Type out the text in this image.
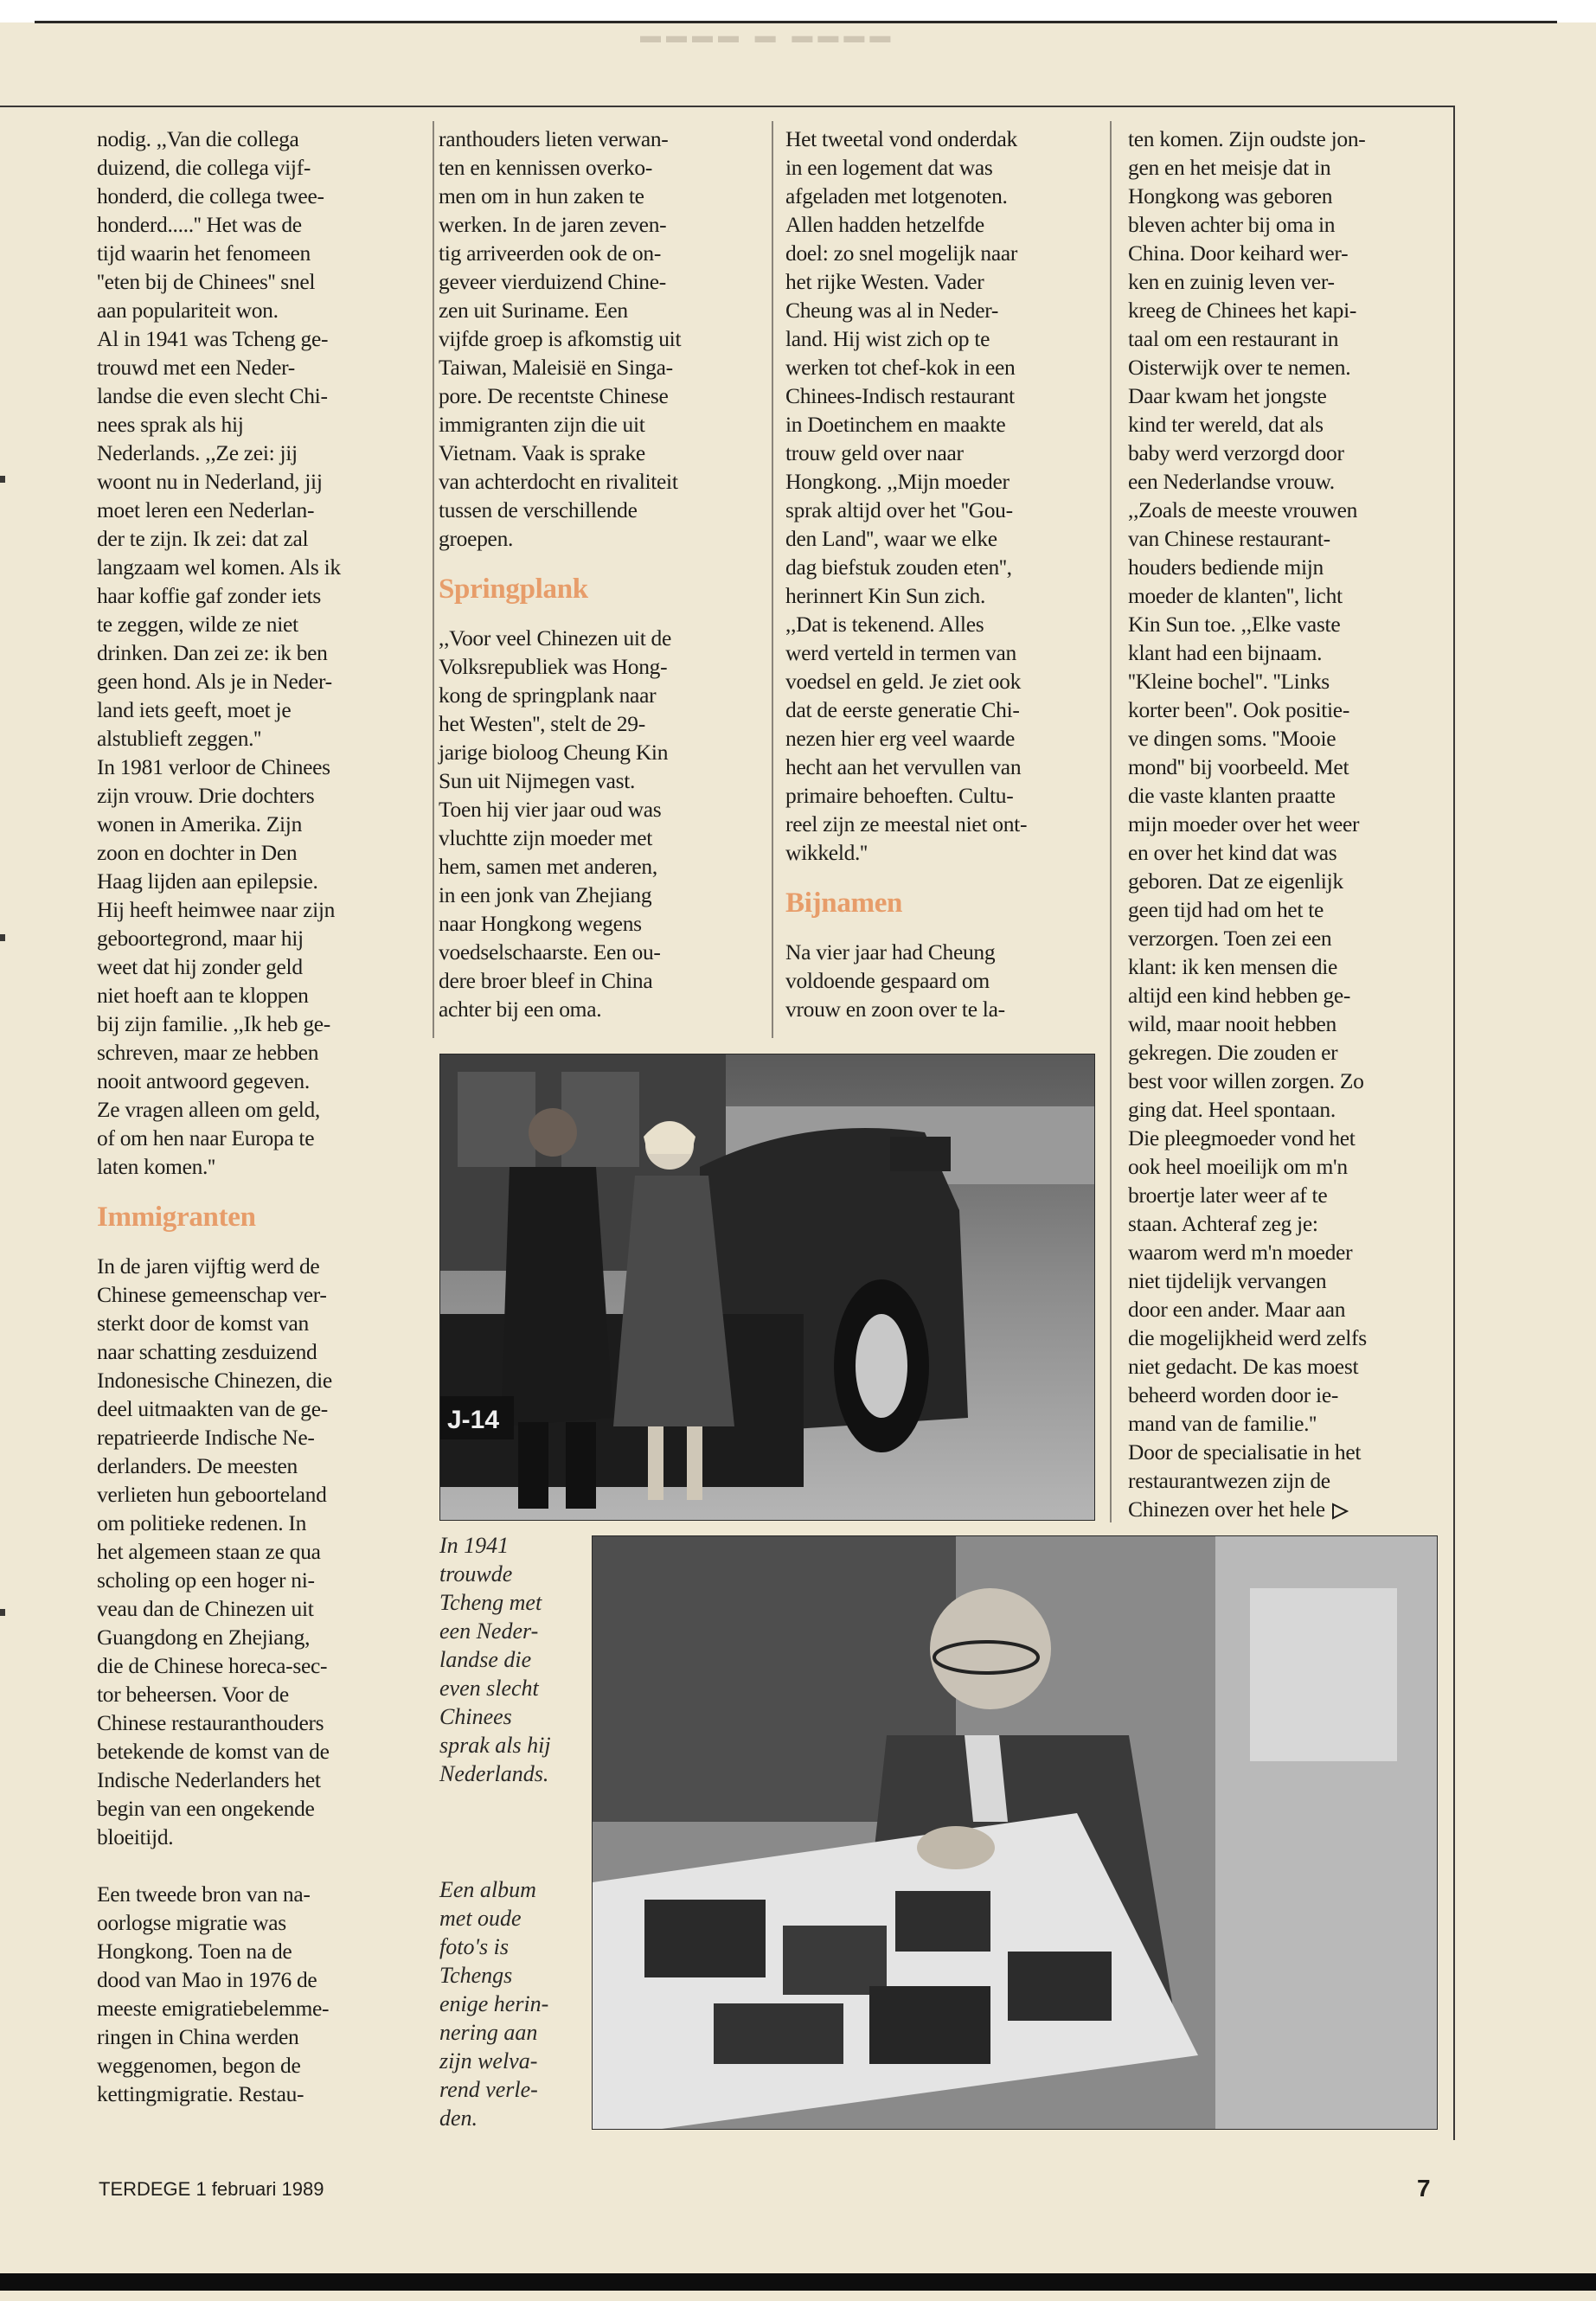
▬▬▬▬ ▬ ▬▬▬▬

nodig. ,,Van die collega
duizend, die collega vijf-
honderd, die collega twee-
honderd.....'' Het was de
tijd waarin het fenomeen
''eten bij de Chinees'' snel
aan populariteit won.

Al in 1941 was Tcheng ge-
trouwd met een Neder-
landse die even slecht Chi-
nees sprak als hij
Nederlands. ,,Ze zei: jij
woont nu in Nederland, jij
moet leren een Nederlan-
der te zijn. Ik zei: dat zal
langzaam wel komen. Als ik
haar koffie gaf zonder iets
te zeggen, wilde ze niet
drinken. Dan zei ze: ik ben
geen hond. Als je in Neder-
land iets geeft, moet je
alstublieft zeggen.''

In 1981 verloor de Chinees
zijn vrouw. Drie dochters
wonen in Amerika. Zijn
zoon en dochter in Den
Haag lijden aan epilepsie.
Hij heeft heimwee naar zijn
geboortegrond, maar hij
weet dat hij zonder geld
niet hoeft aan te kloppen
bij zijn familie. ,,Ik heb ge-
schreven, maar ze hebben
nooit antwoord gegeven.
Ze vragen alleen om geld,
of om hen naar Europa te
laten komen.''

Immigranten

In de jaren vijftig werd de
Chinese gemeenschap ver-
sterkt door de komst van
naar schatting zesduizend
Indonesische Chinezen, die
deel uitmaakten van de ge-
repatrieerde Indische Ne-
derlanders. De meesten
verlieten hun geboorteland
om politieke redenen. In
het algemeen staan ze qua
scholing op een hoger ni-
veau dan de Chinezen uit
Guangdong en Zhejiang,
die de Chinese horeca-sec-
tor beheersen. Voor de
Chinese restauranthouders
betekende de komst van de
Indische Nederlanders het
begin van een ongekende
bloeitijd.

Een tweede bron van na-
oorlogse migratie was
Hongkong. Toen na de
dood van Mao in 1976 de
meeste emigratiebelemme-
ringen in China werden
weggenomen, begon de
kettingmigratie. Restau-

ranthouders lieten verwan-
ten en kennissen overko-
men om in hun zaken te
werken. In de jaren zeven-
tig arriveerden ook de on-
geveer vierduizend Chine-
zen uit Suriname. Een
vijfde groep is afkomstig uit
Taiwan, Maleisië en Singa-
pore. De recentste Chinese
immigranten zijn die uit
Vietnam. Vaak is sprake
van achterdocht en rivaliteit
tussen de verschillende
groepen.

Springplank

,,Voor veel Chinezen uit de
Volksrepubliek was Hong-
kong de springplank naar
het Westen'', stelt de 29-
jarige bioloog Cheung Kin
Sun uit Nijmegen vast.
Toen hij vier jaar oud was
vluchtte zijn moeder met
hem, samen met anderen,
in een jonk van Zhejiang
naar Hongkong wegens
voedselschaarste. Een ou-
dere broer bleef in China
achter bij een oma.

Het tweetal vond onderdak
in een logement dat was
afgeladen met lotgenoten.
Allen hadden hetzelfde
doel: zo snel mogelijk naar
het rijke Westen. Vader
Cheung was al in Neder-
land. Hij wist zich op te
werken tot chef-kok in een
Chinees-Indisch restaurant
in Doetinchem en maakte
trouw geld over naar
Hongkong. ,,Mijn moeder
sprak altijd over het ''Gou-
den Land'', waar we elke
dag biefstuk zouden eten'',
herinnert Kin Sun zich.
,,Dat is tekenend. Alles
werd verteld in termen van
voedsel en geld. Je ziet ook
dat de eerste generatie Chi-
nezen hier erg veel waarde
hecht aan het vervullen van
primaire behoeften. Cultu-
reel zijn ze meestal niet ont-
wikkeld.''

Bijnamen

Na vier jaar had Cheung
voldoende gespaard om
vrouw en zoon over te la-

ten komen. Zijn oudste jon-
gen en het meisje dat in
Hongkong was geboren
bleven achter bij oma in
China. Door keihard wer-
ken en zuinig leven ver-
kreeg de Chinees het kapi-
taal om een restaurant in
Oisterwijk over te nemen.
Daar kwam het jongste
kind ter wereld, dat als
baby werd verzorgd door
een Nederlandse vrouw.
,,Zoals de meeste vrouwen
van Chinese restaurant-
houders bediende mijn
moeder de klanten'', licht
Kin Sun toe. ,,Elke vaste
klant had een bijnaam.
''Kleine bochel''. ''Links
korter been''. Ook positie-
ve dingen soms. ''Mooie
mond'' bij voorbeeld. Met
die vaste klanten praatte
mijn moeder over het weer
en over het kind dat was
geboren. Dat ze eigenlijk
geen tijd had om het te
verzorgen. Toen zei een
klant: ik ken mensen die
altijd een kind hebben ge-
wild, maar nooit hebben
gekregen. Die zouden er
best voor willen zorgen. Zo
ging dat. Heel spontaan.
Die pleegmoeder vond het
ook heel moeilijk om m'n
broertje later weer af te
staan. Achteraf zeg je:
waarom werd m'n moeder
niet tijdelijk vervangen
door een ander. Maar aan
die mogelijkheid werd zelfs
niet gedacht. De kas moest
beheerd worden door ie-
mand van de familie.''

Door de specialisatie in het
restaurantwezen zijn de
Chinezen over het hele

J-14
In 1941
trouwde
Tcheng met
een Neder-
landse die
even slecht
Chinees
sprak als hij
Nederlands.
Een album
met oude
foto's is
Tchengs
enige herin-
nering aan
zijn welva-
rend verle-
den.
TERDEGE 1 februari 1989	7
